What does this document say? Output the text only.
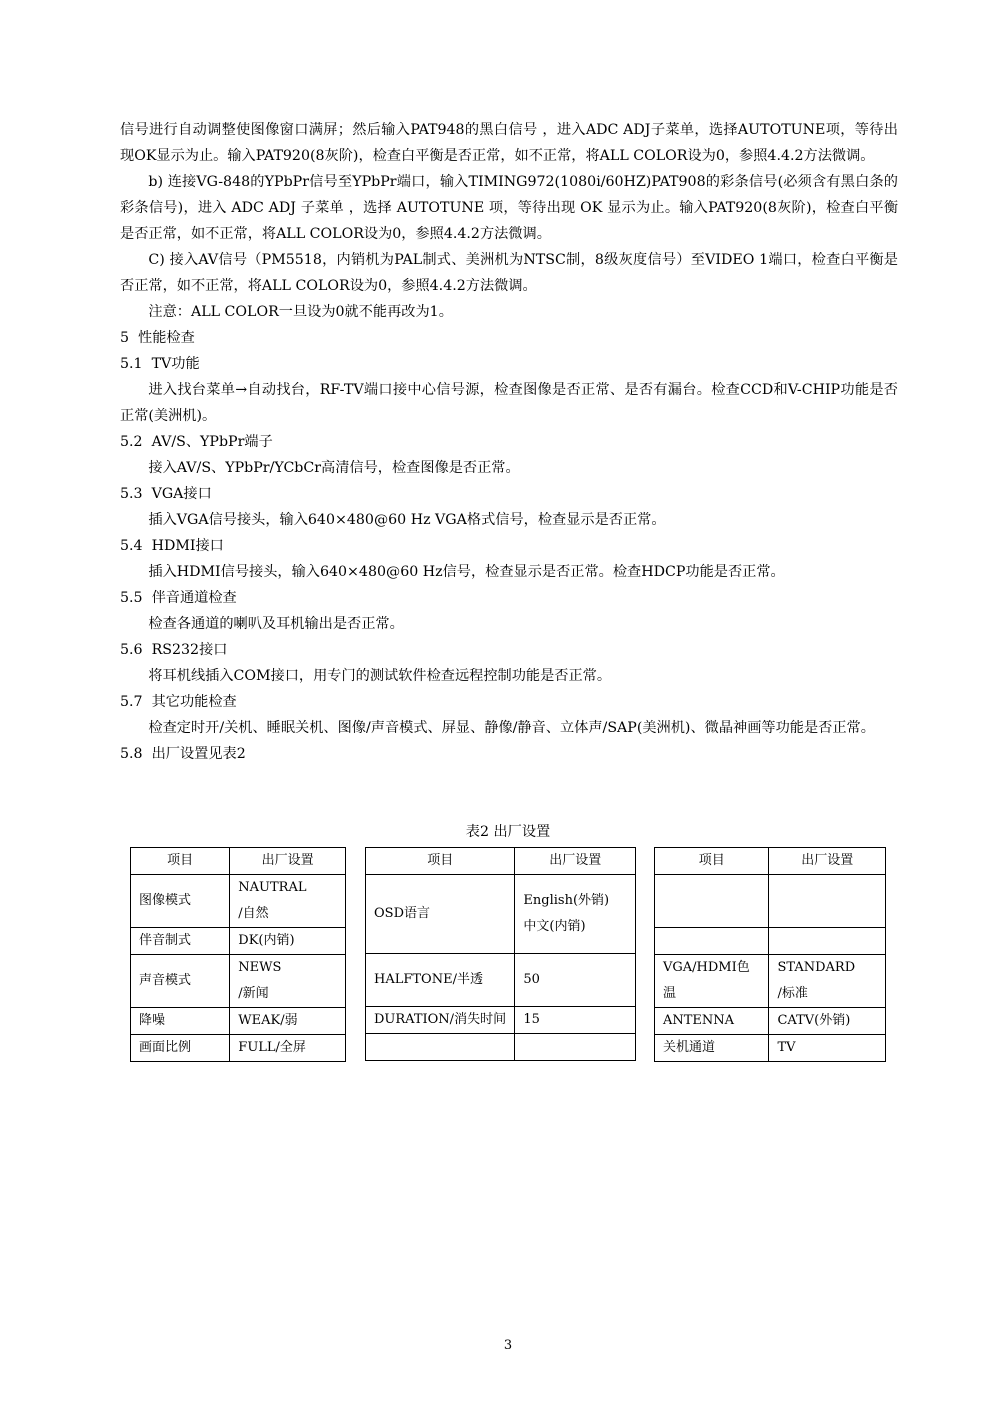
信号进行自动调整使图像窗口满屏；然后输入PAT948的黑白信号 ，进入ADC ADJ子菜单，选择AUTOTUNE项，等待出现OK显示为止。输入PAT920(8灰阶)，检查白平衡是否正常，如不正常，将ALL COLOR设为0，参照4.4.2方法微调。

b) 连接VG-848的YPbPr信号至YPbPr端口，输入TIMING972(1080i/60HZ)PAT908的彩条信号(必须含有黑白条的彩条信号)，进入 ADC ADJ 子菜单 ，选择 AUTOTUNE 项，等待出现 OK 显示为止。输入PAT920(8灰阶)，检查白平衡是否正常，如不正常，将ALL COLOR设为0，参照4.4.2方法微调。

C) 接入AV信号（PM5518，内销机为PAL制式、美洲机为NTSC制，8级灰度信号）至VIDEO 1端口，检查白平衡是否正常，如不正常，将ALL COLOR设为0，参照4.4.2方法微调。

注意：ALL COLOR一旦设为0就不能再改为1。

5  性能检查

5.1  TV功能

进入找台菜单→自动找台，RF-TV端口接中心信号源，检查图像是否正常、是否有漏台。检查CCD和V-CHIP功能是否正常(美洲机)。

5.2  AV/S、YPbPr端子

接入AV/S、YPbPr/YCbCr高清信号，检查图像是否正常。

5.3  VGA接口

插入VGA信号接头，输入640×480@60 Hz VGA格式信号，检查显示是否正常。

5.4  HDMI接口

插入HDMI信号接头，输入640×480@60 Hz信号，检查显示是否正常。检查HDCP功能是否正常。

5.5  伴音通道检查

检查各通道的喇叭及耳机输出是否正常。

5.6  RS232接口

将耳机线插入COM接口，用专门的测试软件检查远程控制功能是否正常。

5.7  其它功能检查

检查定时开/关机、睡眠关机、图像/声音模式、屏显、静像/静音、立体声/SAP(美洲机)、微晶神画等功能是否正常。

5.8  出厂设置见表2

表2 出厂设置
项目	出厂设置
图像模式	NAUTRAL
/自然

伴音制式	DK(内销)
声音模式	NEWS
/新闻

降噪	WEAK/弱
画面比例	FULL/全屏
项目	出厂设置
OSD语言	English(外销)
中文(内销)

HALFTONE/半透	50
DURATION/消失时间	15

项目	出厂设置

VGA/HDMI色温	STANDARD
/标准

ANTENNA	CATV(外销)
关机通道	TV
3
